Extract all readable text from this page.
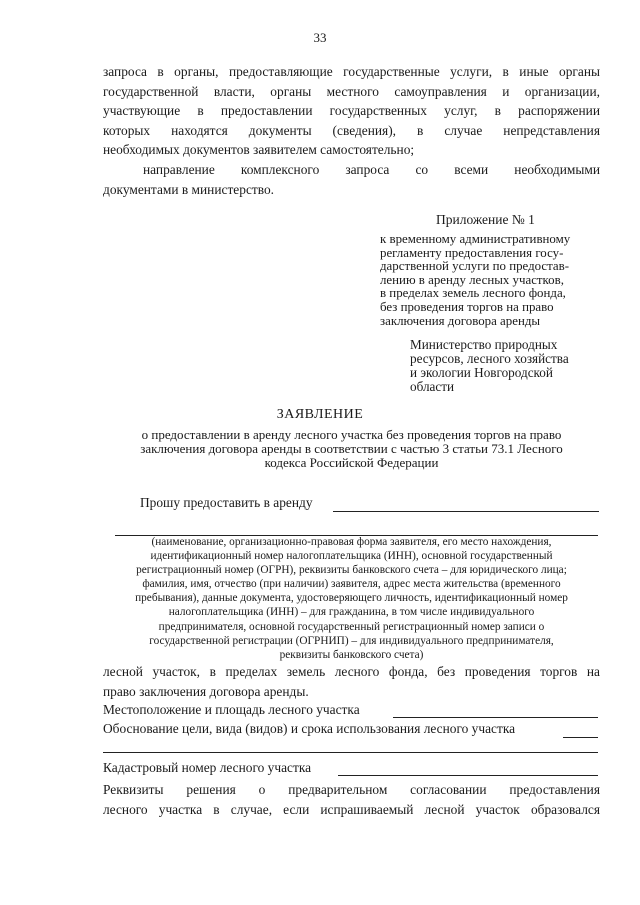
33
запроса в органы, предоставляющие государственные услуги, в иные органы
государственной власти, органы местного самоуправления и организации,
участвующие в предоставлении государственных услуг, в распоряжении
которых находятся документы (сведения), в случае непредставления
необходимых документов заявителем самостоятельно;
направление комплексного запроса со всеми необходимыми
документами в министерство.
Приложение № 1
к временному административному
регламенту предоставления госу-
дарственной услуги по предостав-
лению в аренду лесных участков,
в пределах земель лесного фонда,
без проведения торгов на право
заключения договора аренды
Министерство природных
ресурсов, лесного хозяйства
и экологии Новгородской
области
ЗАЯВЛЕНИЕ
о предоставлении в аренду лесного участка без проведения торгов на право
заключения договора аренды в соответствии с частью 3 статьи 73.1 Лесного
кодекса Российской Федерации
Прошу предоставить в аренду
(наименование, организационно-правовая форма заявителя, его место нахождения,
идентификационный номер налогоплательщика (ИНН), основной государственный
регистрационный номер (ОГРН), реквизиты банковского счета – для юридического лица;
фамилия, имя, отчество (при наличии) заявителя, адрес места жительства (временного
пребывания), данные документа, удостоверяющего личность, идентификационный номер
налогоплательщика (ИНН) – для гражданина, в том числе индивидуального
предпринимателя, основной государственный регистрационный номер записи о
государственной регистрации (ОГРНИП) – для индивидуального предпринимателя,
реквизиты банковского счета)
лесной участок, в пределах земель лесного фонда, без проведения торгов на
право заключения договора аренды.
Местоположение и площадь лесного участка
Обоснование цели, вида (видов) и срока использования лесного участка
Кадастровый номер лесного участка
Реквизиты решения о предварительном согласовании предоставления
лесного участка в случае, если испрашиваемый лесной участок образовался
